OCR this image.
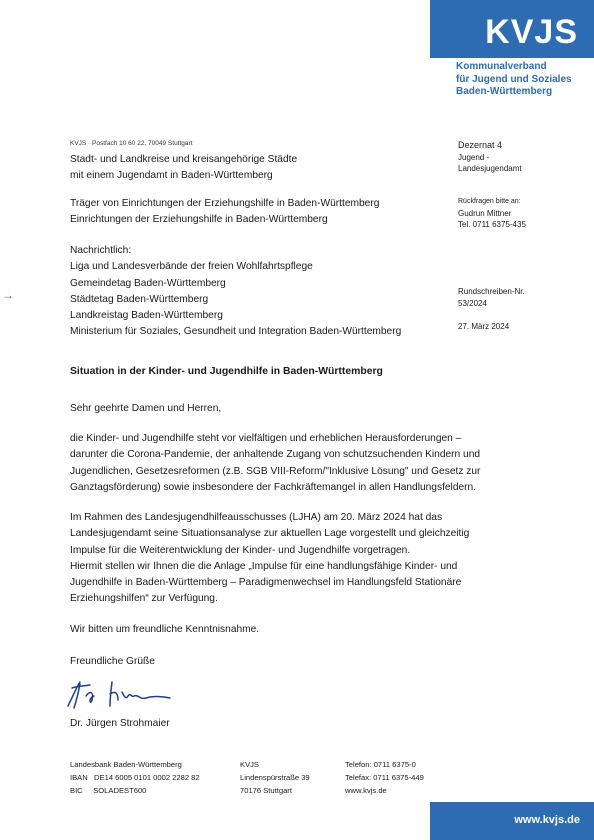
KVJS
Kommunalverband
für Jugend und Soziales
Baden-Württemberg
KVJS · Postfach 10 60 22, 70049 Stuttgart
Stadt- und Landkreise und kreisangehörige Städte
mit einem Jugendamt in Baden-Württemberg
Träger von Einrichtungen der Erziehungshilfe in Baden-Württemberg
Einrichtungen der Erziehungshilfe in Baden-Württemberg
Nachrichtlich:
Liga und Landesverbände der freien Wohlfahrtspflege
Gemeindetag Baden-Württemberg
Städtetag Baden-Württemberg
Landkreistag Baden-Württemberg
Ministerium für Soziales, Gesundheit und Integration Baden-Württemberg
Dezernat 4
Jugend -
Landesjugendamt
Rückfragen bitte an:
Gudrun Mittner
Tel. 0711 6375-435
Rundschreiben-Nr.
53/2024
27. März 2024
→
Situation in der Kinder- und Jugendhilfe in Baden-Württemberg
Sehr geehrte Damen und Herren,
die Kinder- und Jugendhilfe steht vor vielfältigen und erheblichen Herausforderungen –
darunter die Corona-Pandemie, der anhaltende Zugang von schutzsuchenden Kindern und
Jugendlichen, Gesetzesreformen (z.B. SGB VIII-Reform/"Inklusive Lösung" und Gesetz zur
Ganztagsförderung) sowie insbesondere der Fachkräftemangel in allen Handlungsfeldern.
Im Rahmen des Landesjugendhilfeausschusses (LJHA) am 20. März 2024 hat das
Landesjugendamt seine Situationsanalyse zur aktuellen Lage vorgestellt und gleichzeitig
Impulse für die Weiterentwicklung der Kinder- und Jugendhilfe vorgetragen.
Hiermit stellen wir Ihnen die die Anlage „Impulse für eine handlungsfähige Kinder- und
Jugendhilfe in Baden-Württemberg – Paradigmenwechsel im Handlungsfeld Stationäre
Erziehungshilfen“ zur Verfügung.
Wir bitten um freundliche Kenntnisnahme.
Freundliche Grüße
Dr. Jürgen Strohmaier
Landesbank Baden-Württemberg
IBAN   DE14 6005 0101 0002 2282 82
BIC     SOLADEST600
KVJS
Lindenspürstraße 39
70176 Stuttgart
Telefon: 0711 6375-0
Telefax: 0711 6375-449
www.kvjs.de
www.kvjs.de
